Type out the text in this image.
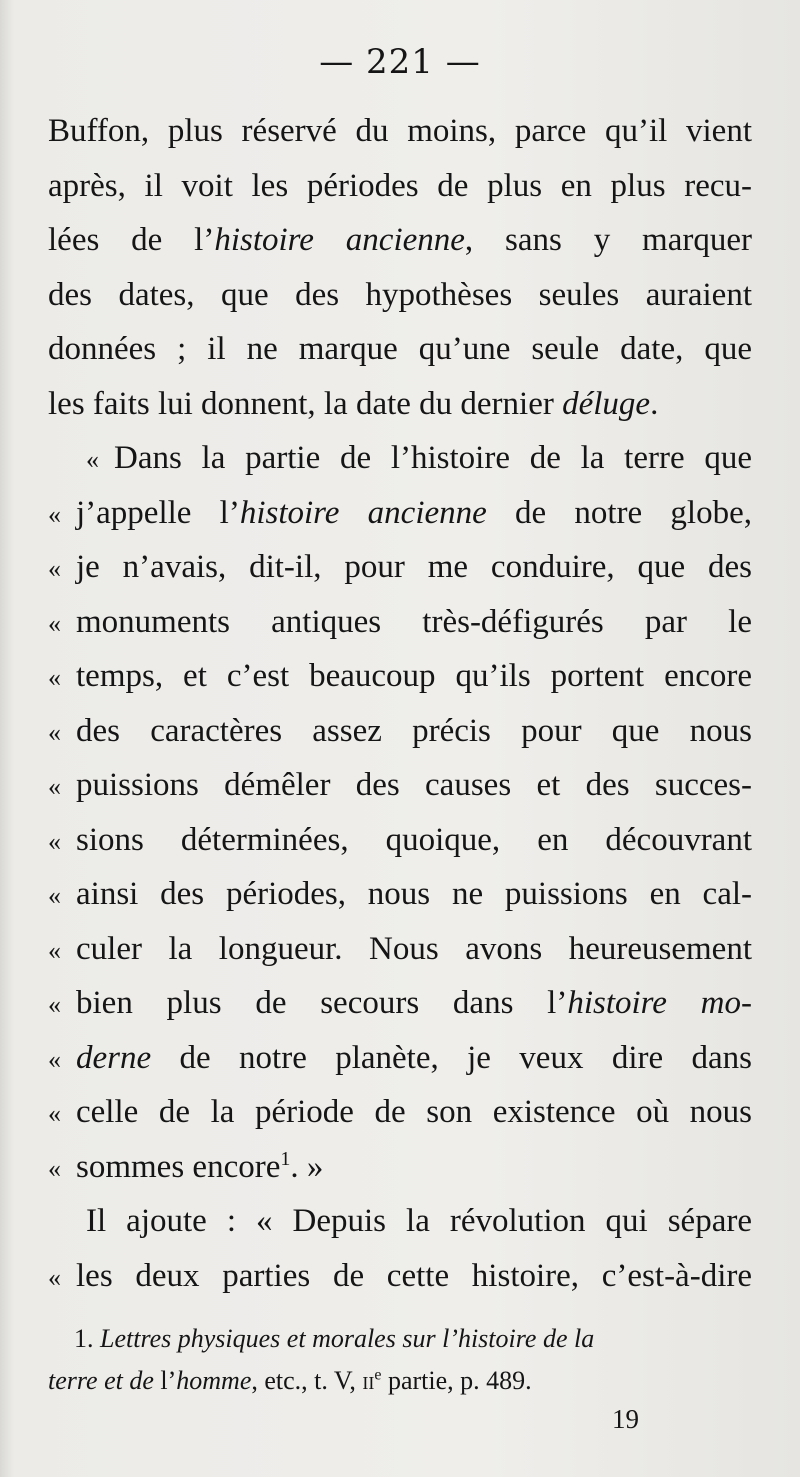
— 221 —
Buffon, plus réservé du moins, parce qu’il vient
après, il voit les périodes de plus en plus recu-
lées de l’histoire ancienne, sans y marquer
des dates, que des hypothèses seules auraient
données ; il ne marque qu’une seule date, que
les faits lui donnent, la date du dernier déluge.
« Dans la partie de l’histoire de la terre que
« j’appelle l’histoire ancienne de notre globe,
« je n’avais, dit-il, pour me conduire, que des
« monuments antiques très-défigurés par le
« temps, et c’est beaucoup qu’ils portent encore
« des caractères assez précis pour que nous
« puissions démêler des causes et des succes-
« sions déterminées, quoique, en découvrant
« ainsi des périodes, nous ne puissions en cal-
« culer la longueur. Nous avons heureusement
« bien plus de secours dans l’histoire mo-
« derne de notre planète, je veux dire dans
« celle de la période de son existence où nous
« sommes encore$^1$. »
Il ajoute : « Depuis la révolution qui sépare
« les deux parties de cette histoire, c’est-à-dire
1. Lettres physiques et morales sur l’histoire de la
terre et de l’homme, etc., t. V, $ii^e$ partie, p. 489.
19
